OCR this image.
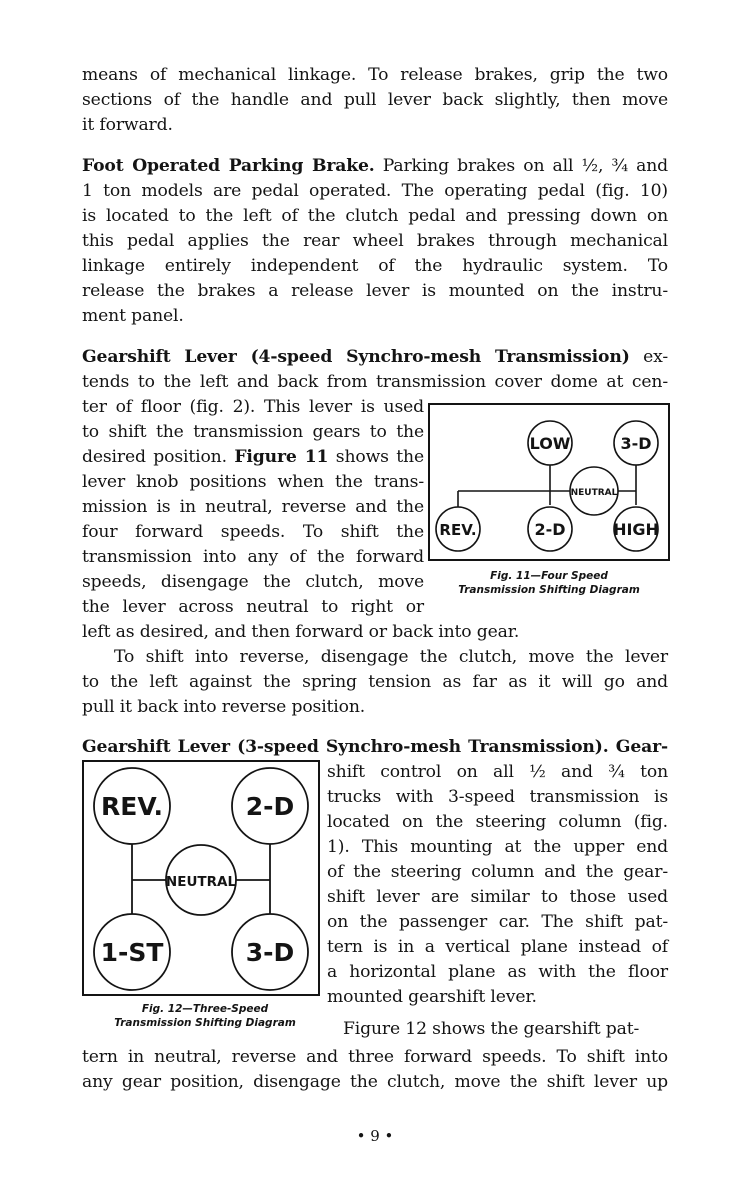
means of mechanical linkage. To release brakes, grip the two
sections of the handle and pull lever back slightly, then move
it forward.
Foot Operated Parking Brake. Parking brakes on all ½, ¾ and
1 ton models are pedal operated. The operating pedal (fig. 10)
is located to the left of the clutch pedal and pressing down on
this pedal applies the rear wheel brakes through mechanical
linkage entirely independent of the hydraulic system. To
release the brakes a release lever is mounted on the instru-
ment panel.
Gearshift Lever (4-speed Synchro-mesh Transmission) ex-
tends to the left and back from transmission cover dome at cen-
ter of floor (fig. 2). This lever is used
to shift the transmission gears to the
desired position. Figure 11 shows the
lever knob positions when the trans-
mission is in neutral, reverse and the
four forward speeds. To shift the
transmission into any of the forward
speeds, disengage the clutch, move
the lever across neutral to right or
left as desired, and then forward or back into gear.
LOW	3-D
NEUTRAL
REV.	2-D	HIGH
Fig. 11—Four Speed
Transmission Shifting Diagram
To shift into reverse, disengage the clutch, move the lever
to the left against the spring tension as far as it will go and
pull it back into reverse position.
Gearshift Lever (3-speed Synchro-mesh Transmission). Gear-
shift control on all ½ and ¾ ton
trucks with 3-speed transmission is
located on the steering column (fig.
1). This mounting at the upper end
of the steering column and the gear-
shift lever are similar to those used
on the passenger car. The shift pat-
tern is in a vertical plane instead of
a horizontal plane as with the floor
mounted gearshift lever.
REV.	2-D
NEUTRAL
1-ST	3-D
Fig. 12—Three-Speed
Transmission Shifting Diagram	Figure 12 shows the gearshift pat-
tern in neutral, reverse and three forward speeds. To shift into
any gear position, disengage the clutch, move the shift lever up
• 9 •
